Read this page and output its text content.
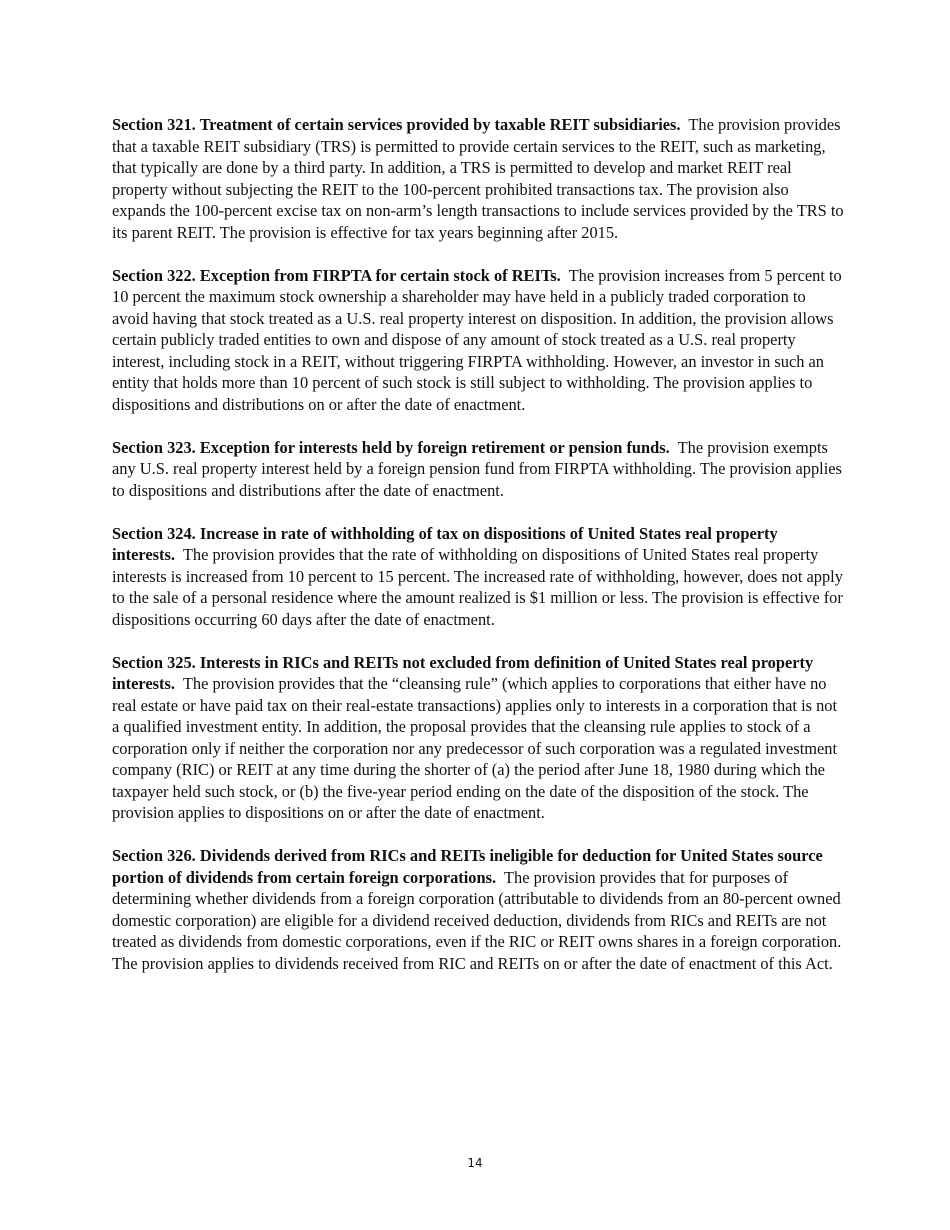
Section 321. Treatment of certain services provided by taxable REIT subsidiaries. The provision provides that a taxable REIT subsidiary (TRS) is permitted to provide certain services to the REIT, such as marketing, that typically are done by a third party. In addition, a TRS is permitted to develop and market REIT real property without subjecting the REIT to the 100-percent prohibited transactions tax. The provision also expands the 100-percent excise tax on non-arm’s length transactions to include services provided by the TRS to its parent REIT. The provision is effective for tax years beginning after 2015.

Section 322. Exception from FIRPTA for certain stock of REITs. The provision increases from 5 percent to 10 percent the maximum stock ownership a shareholder may have held in a publicly traded corporation to avoid having that stock treated as a U.S. real property interest on disposition. In addition, the provision allows certain publicly traded entities to own and dispose of any amount of stock treated as a U.S. real property interest, including stock in a REIT, without triggering FIRPTA withholding. However, an investor in such an entity that holds more than 10 percent of such stock is still subject to withholding. The provision applies to dispositions and distributions on or after the date of enactment.

Section 323. Exception for interests held by foreign retirement or pension funds. The provision exempts any U.S. real property interest held by a foreign pension fund from FIRPTA withholding. The provision applies to dispositions and distributions after the date of enactment.

Section 324. Increase in rate of withholding of tax on dispositions of United States real property interests. The provision provides that the rate of withholding on dispositions of United States real property interests is increased from 10 percent to 15 percent. The increased rate of withholding, however, does not apply to the sale of a personal residence where the amount realized is $1 million or less. The provision is effective for dispositions occurring 60 days after the date of enactment.

Section 325. Interests in RICs and REITs not excluded from definition of United States real property interests. The provision provides that the “cleansing rule” (which applies to corporations that either have no real estate or have paid tax on their real-estate transactions) applies only to interests in a corporation that is not a qualified investment entity. In addition, the proposal provides that the cleansing rule applies to stock of a corporation only if neither the corporation nor any predecessor of such corporation was a regulated investment company (RIC) or REIT at any time during the shorter of (a) the period after June 18, 1980 during which the taxpayer held such stock, or (b) the five-year period ending on the date of the disposition of the stock. The provision applies to dispositions on or after the date of enactment.

Section 326. Dividends derived from RICs and REITs ineligible for deduction for United States source portion of dividends from certain foreign corporations. The provision provides that for purposes of determining whether dividends from a foreign corporation (attributable to dividends from an 80-percent owned domestic corporation) are eligible for a dividend received deduction, dividends from RICs and REITs are not treated as dividends from domestic corporations, even if the RIC or REIT owns shares in a foreign corporation. The provision applies to dividends received from RIC and REITs on or after the date of enactment of this Act.

14
